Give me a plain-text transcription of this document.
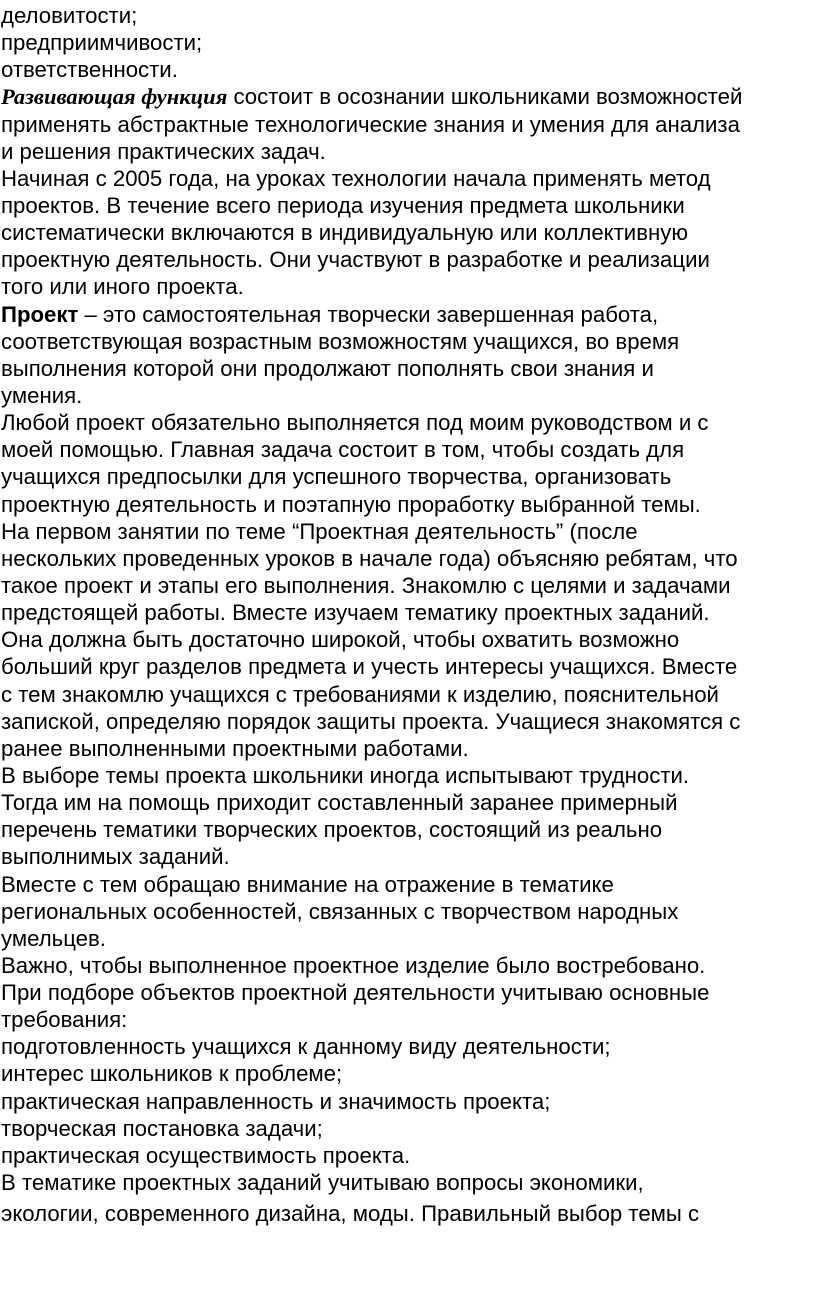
деловитости;
предприимчивости;
ответственности.
Развивающая функция состоит в осознании школьниками возможностей
применять абстрактные технологические знания и умения для анализа
и решения практических задач.
Начиная с 2005 года, на уроках технологии начала применять метод
проектов. В течение всего периода изучения предмета школьники
систематически включаются в индивидуальную или коллективную
проектную деятельность. Они участвуют в разработке и реализации
того или иного проекта.
Проект – это самостоятельная творчески завершенная работа,
соответствующая возрастным возможностям учащихся, во время
выполнения которой они продолжают пополнять свои знания и
умения.
Любой проект обязательно выполняется под моим руководством и с
моей помощью. Главная задача состоит в том, чтобы создать для
учащихся предпосылки для успешного творчества, организовать
проектную деятельность и поэтапную проработку выбранной темы.
На первом занятии по теме “Проектная деятельность” (после
нескольких проведенных уроков в начале года) объясняю ребятам, что
такое проект и этапы его выполнения. Знакомлю с целями и задачами
предстоящей работы. Вместе изучаем тематику проектных заданий.
Она должна быть достаточно широкой, чтобы охватить возможно
больший круг разделов предмета и учесть интересы учащихся. Вместе
с тем знакомлю учащихся с требованиями к изделию, пояснительной
запиской, определяю порядок защиты проекта. Учащиеся знакомятся с
ранее выполненными проектными работами.
В выборе темы проекта школьники иногда испытывают трудности.
Тогда им на помощь приходит составленный заранее примерный
перечень тематики творческих проектов, состоящий из реально
выполнимых заданий.
Вместе с тем обращаю внимание на отражение в тематике
региональных особенностей, связанных с творчеством народных
умельцев.
Важно, чтобы выполненное проектное изделие было востребовано.
При подборе объектов проектной деятельности учитываю основные
требования:
подготовленность учащихся к данному виду деятельности;
интерес школьников к проблеме;
практическая направленность и значимость проекта;
творческая постановка задачи;
практическая осуществимость проекта.
В тематике проектных заданий учитываю вопросы экономики,
экологии, современного дизайна, моды. Правильный выбор темы с
